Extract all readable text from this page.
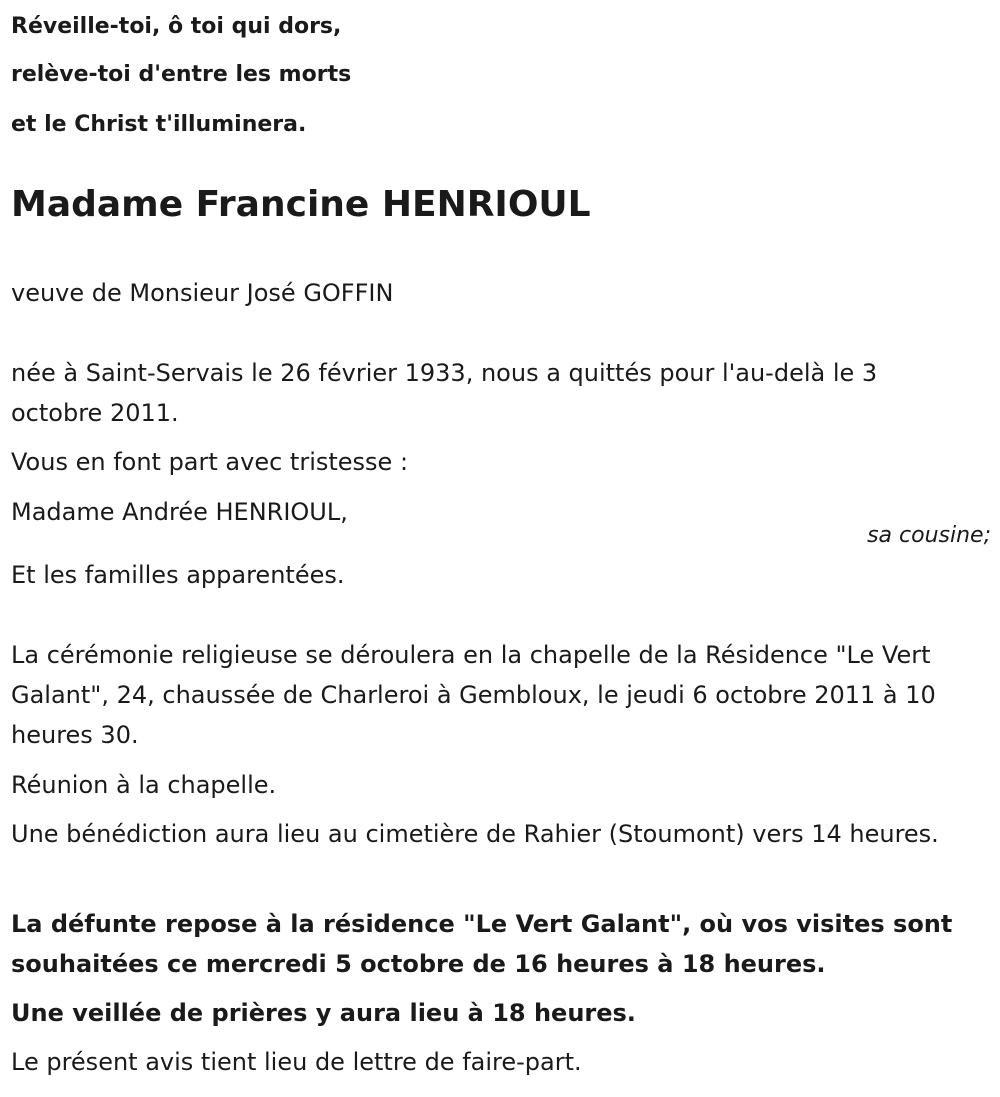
Réveille-toi, ô toi qui dors,

relève-toi d'entre les morts

et le Christ t'illuminera.

Madame Francine HENRIOUL

veuve de Monsieur José GOFFIN

née à Saint-Servais le 26 février 1933, nous a quittés pour l'au-delà le 3 octobre 2011.

Vous en font part avec tristesse :

Madame Andrée HENRIOUL,

sa cousine;

Et les familles apparentées.

La cérémonie religieuse se déroulera en la chapelle de la Résidence "Le Vert Galant", 24, chaussée de Charleroi à Gembloux, le jeudi 6 octobre 2011 à 10 heures 30.

Réunion à la chapelle.

Une bénédiction aura lieu au cimetière de Rahier (Stoumont) vers 14 heures.

La défunte repose à la résidence "Le Vert Galant", où vos visites sont souhaitées ce mercredi 5 octobre de 16 heures à 18 heures.

Une veillée de prières y aura lieu à 18 heures.

Le présent avis tient lieu de lettre de faire-part.
